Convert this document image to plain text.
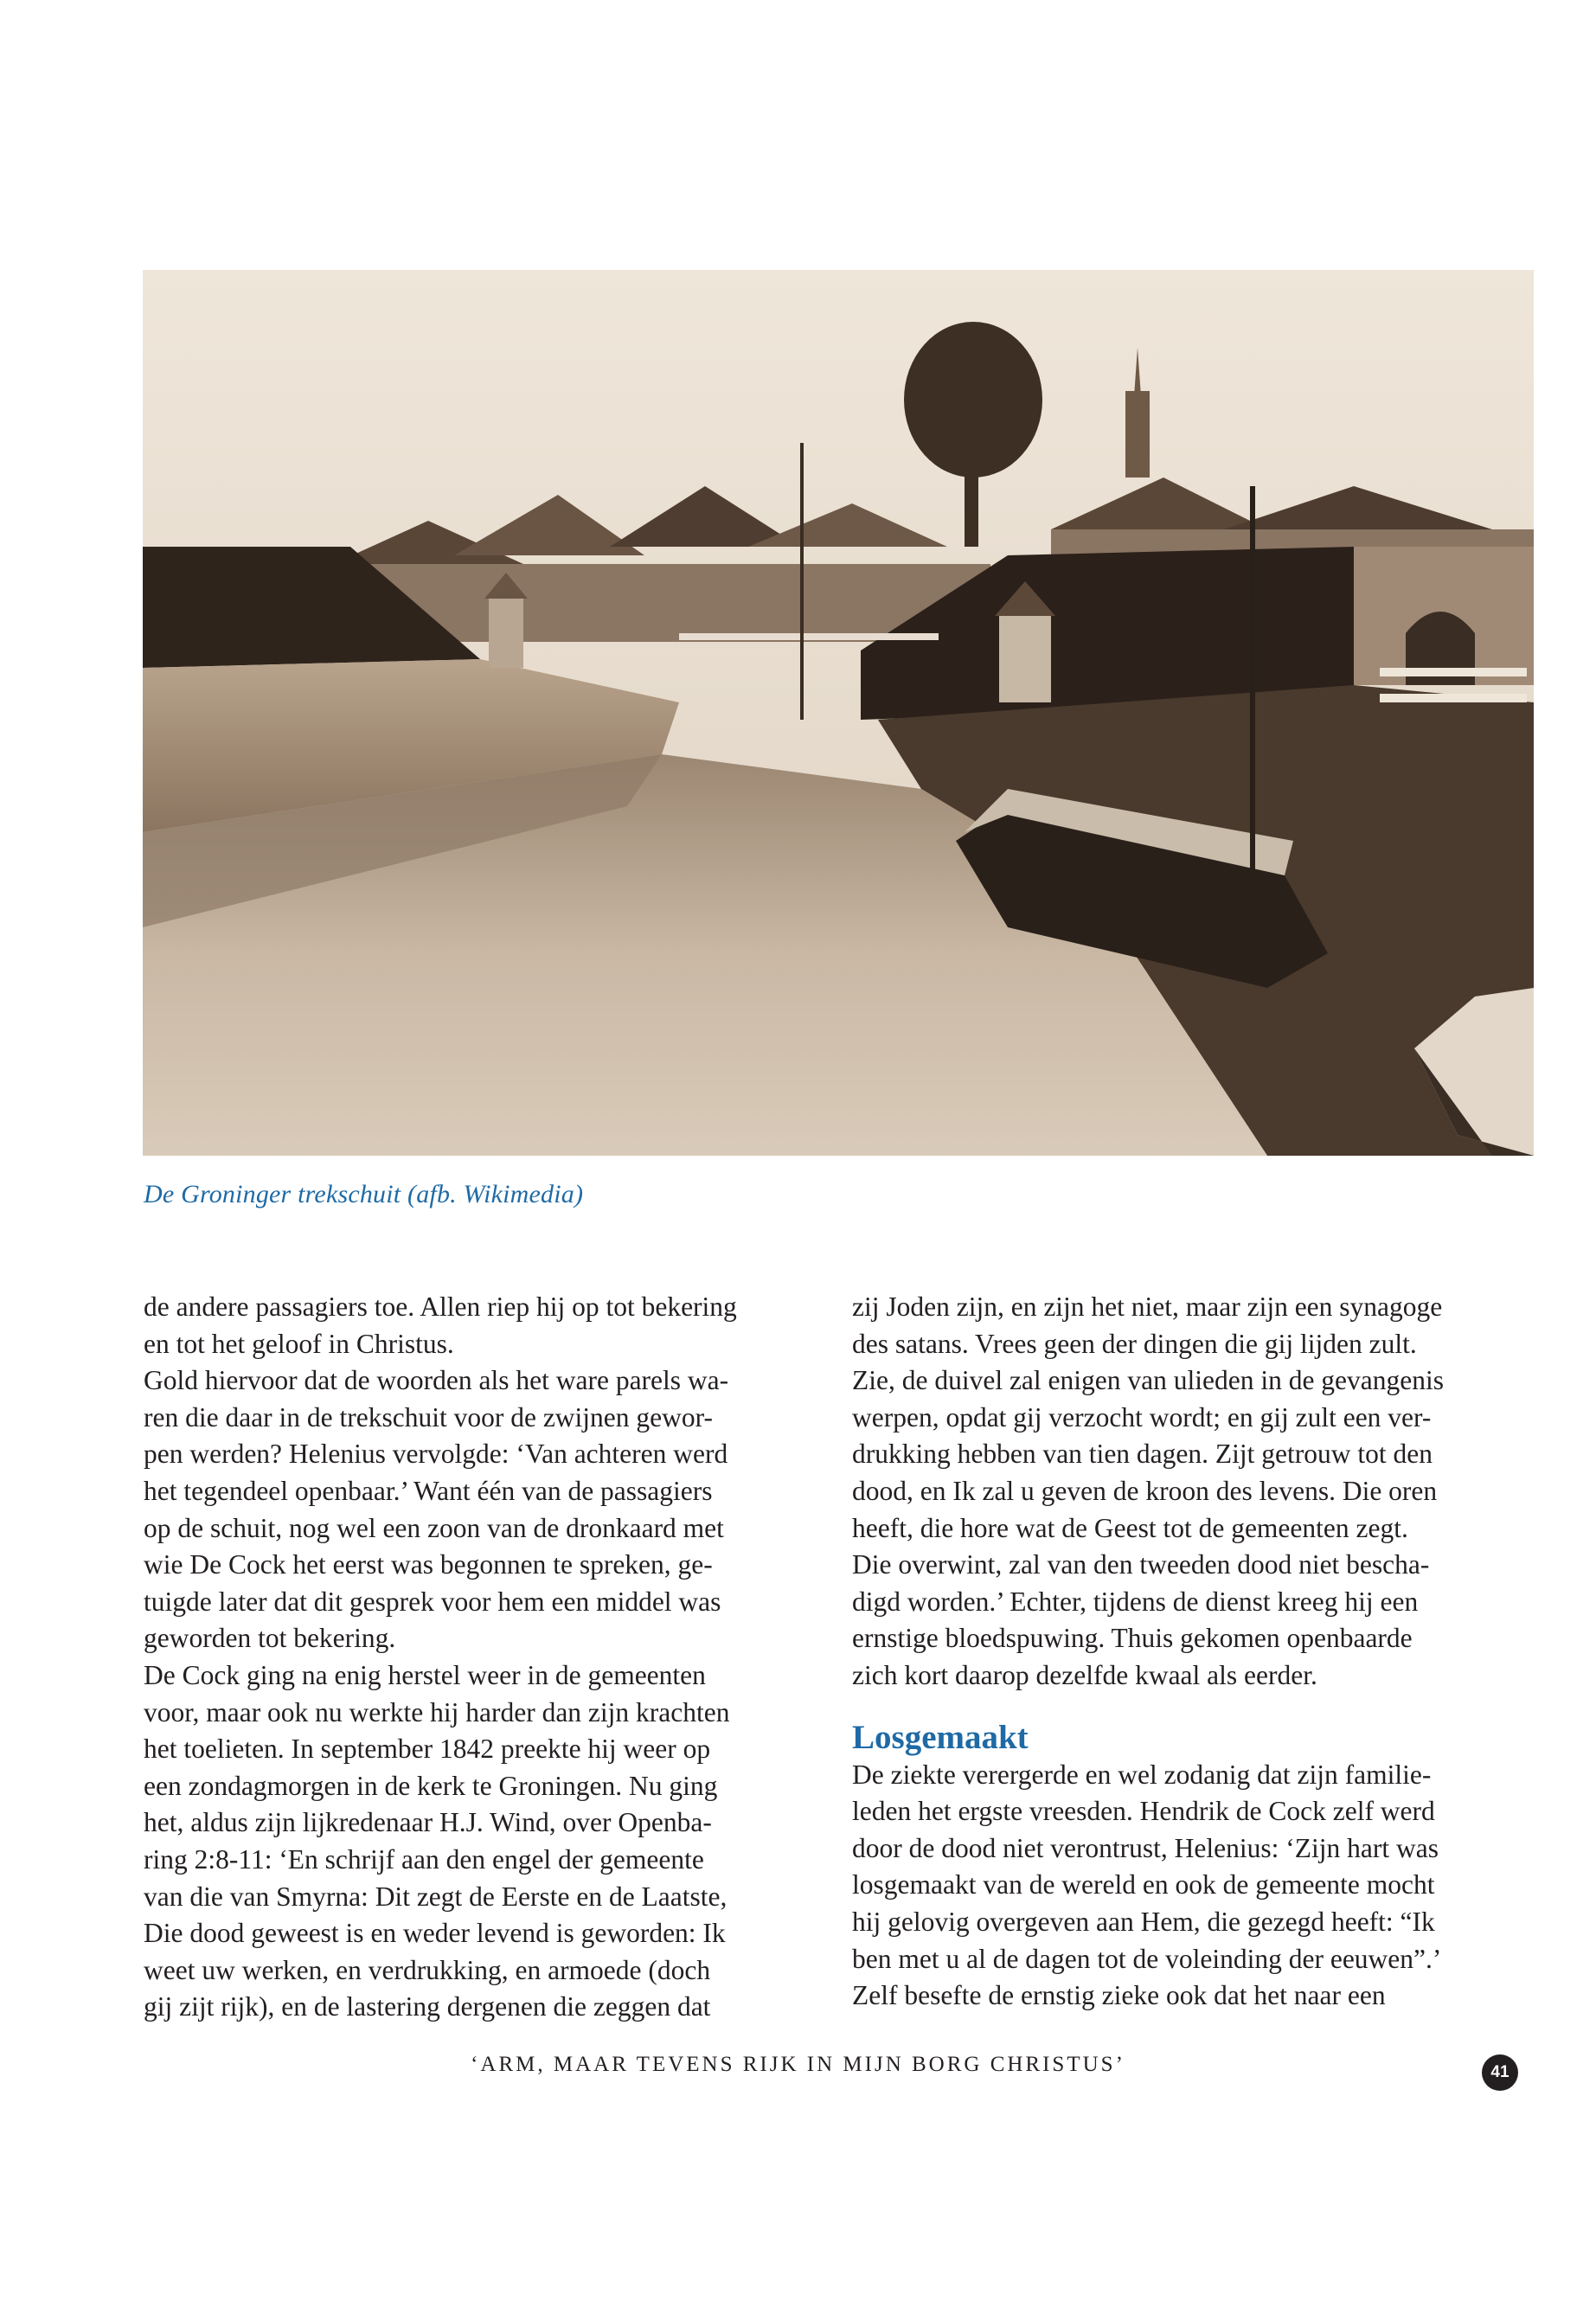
De Groninger trekschuit (afb. Wikimedia)

de andere passagiers toe. Allen riep hij op tot bekering

en tot het geloof in Christus.

Gold hiervoor dat de woorden als het ware parels wa-

ren die daar in de trekschuit voor de zwijnen gewor-

pen werden? Helenius vervolgde: ‘Van achteren werd

het tegendeel openbaar.’ Want één van de passagiers

op de schuit, nog wel een zoon van de dronkaard met

wie De Cock het eerst was begonnen te spreken, ge-

tuigde later dat dit gesprek voor hem een middel was

geworden tot bekering.

De Cock ging na enig herstel weer in de gemeenten

voor, maar ook nu werkte hij harder dan zijn krachten

het toelieten. In september 1842 preekte hij weer op

een zondagmorgen in de kerk te Groningen. Nu ging

het, aldus zijn lijkredenaar H.J. Wind, over Openba-

ring 2:8-11: ‘En schrijf aan den engel der gemeente

van die van Smyrna: Dit zegt de Eerste en de Laatste,

Die dood geweest is en weder levend is geworden: Ik

weet uw werken, en verdrukking, en armoede (doch

gij zijt rijk), en de lastering dergenen die zeggen dat

zij Joden zijn, en zijn het niet, maar zijn een synagoge

des satans. Vrees geen der dingen die gij lijden zult.

Zie, de duivel zal enigen van ulieden in de gevangenis

werpen, opdat gij verzocht wordt; en gij zult een ver-

drukking hebben van tien dagen. Zijt getrouw tot den

dood, en Ik zal u geven de kroon des levens. Die oren

heeft, die hore wat de Geest tot de gemeenten zegt.

Die overwint, zal van den tweeden dood niet bescha-

digd worden.’ Echter, tijdens de dienst kreeg hij een

ernstige bloedspuwing. Thuis gekomen openbaarde

zich kort daarop dezelfde kwaal als eerder.

Losgemaakt

De ziekte verergerde en wel zodanig dat zijn familie-

leden het ergste vreesden. Hendrik de Cock zelf werd

door de dood niet verontrust, Helenius: ‘Zijn hart was

losgemaakt van de wereld en ook de gemeente mocht

hij gelovig overgeven aan Hem, die gezegd heeft: “Ik

ben met u al de dagen tot de voleinding der eeuwen”.’

Zelf besefte de ernstig zieke ook dat het naar een

‘ARM, MAAR TEVENS RIJK IN MIJN BORG CHRISTUS’	41
